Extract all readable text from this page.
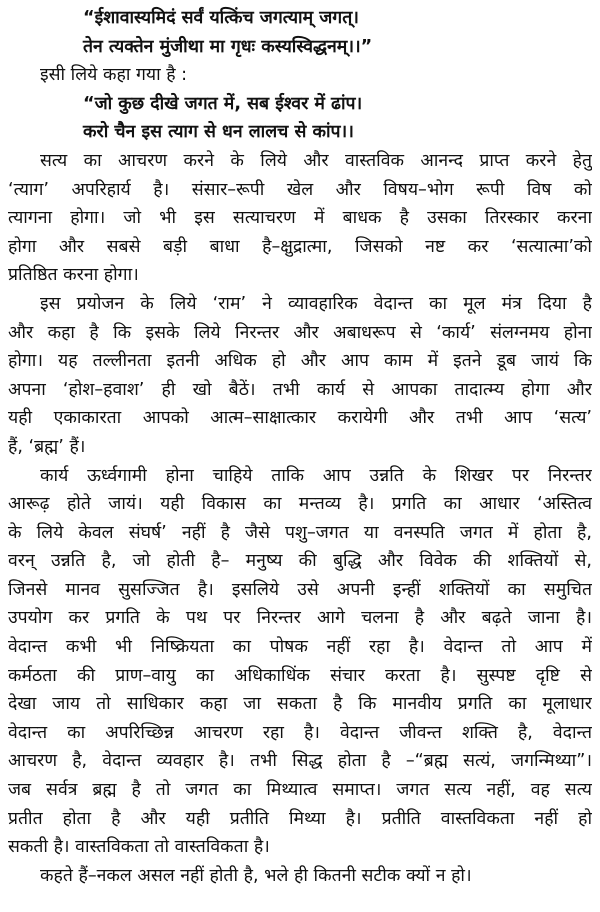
“ईशावास्यमिदं सर्वं यत्किंच जगत्याम् जगत्।
तेन त्यक्तेन मुंजीथा मा गृधः कस्यस्विद्धनम्।।”
इसी लिये कहा गया है :
“जो कुछ दीखे जगत में, सब ईश्वर में ढांप।
करो चैन इस त्याग से धन लालच से कांप।।
सत्य का आचरण करने के लिये और वास्तविक आनन्द प्राप्त करने हेतु
‘त्याग’ अपरिहार्य है। संसार–रूपी खेल और विषय–भोग रूपी विष को
त्यागना होगा। जो भी इस सत्याचरण में बाधक है उसका तिरस्कार करना
होगा और सबसे बड़ी बाधा है–क्षुद्रात्मा, जिसको नष्ट कर ‘सत्यात्मा’को
प्रतिष्ठित करना होगा।
इस प्रयोजन के लिये ‘राम’ ने व्यावहारिक वेदान्त का मूल मंत्र दिया है
और कहा है कि इसके लिये निरन्तर और अबाधरूप से ‘कार्य’ संलग्नमय होना
होगा। यह तल्लीनता इतनी अधिक हो और आप काम में इतने डूब जायं कि
अपना ‘होश–हवाश’ ही खो बैठें। तभी कार्य से आपका तादात्म्य होगा और
यही एकाकारता आपको आत्म–साक्षात्कार करायेगी और तभी आप ‘सत्य’
हैं, ‘ब्रह्म’ हैं।
कार्य ऊर्ध्वगामी होना चाहिये ताकि आप उन्नति के शिखर पर निरन्तर
आरूढ़ होते जायं। यही विकास का मन्तव्य है। प्रगति का आधार ‘अस्तित्व
के लिये केवल संघर्ष’ नहीं है जैसे पशु–जगत या वनस्पति जगत में होता है,
वरन् उन्नति है, जो होती है– मनुष्य की बुद्धि और विवेक की शक्तियों से,
जिनसे मानव सुसज्जित है। इसलिये उसे अपनी इन्हीं शक्तियों का समुचित
उपयोग कर प्रगति के पथ पर निरन्तर आगे चलना है और बढ़ते जाना है।
वेदान्त कभी भी निष्क्रियता का पोषक नहीं रहा है। वेदान्त तो आप में
कर्मठता की प्राण–वायु का अधिकाधिंक संचार करता है। सुस्पष्ट दृष्टि से
देखा जाय तो साधिकार कहा जा सकता है कि मानवीय प्रगति का मूलाधार
वेदान्त का अपरिच्छिन्न आचरण रहा है। वेदान्त जीवन्त शक्ति है, वेदान्त
आचरण है, वेदान्त व्यवहार है। तभी सिद्ध होता है –“ब्रह्म सत्यं, जगन्मिथ्या”।
जब सर्वत्र ब्रह्म है तो जगत का मिथ्यात्व समाप्त। जगत सत्य नहीं, वह सत्य
प्रतीत होता है और यही प्रतीति मिथ्या है। प्रतीति वास्तविकता नहीं हो
सकती है। वास्तविकता तो वास्तविकता है।
कहते हैं–नकल असल नहीं होती है, भले ही कितनी सटीक क्यों न हो।
